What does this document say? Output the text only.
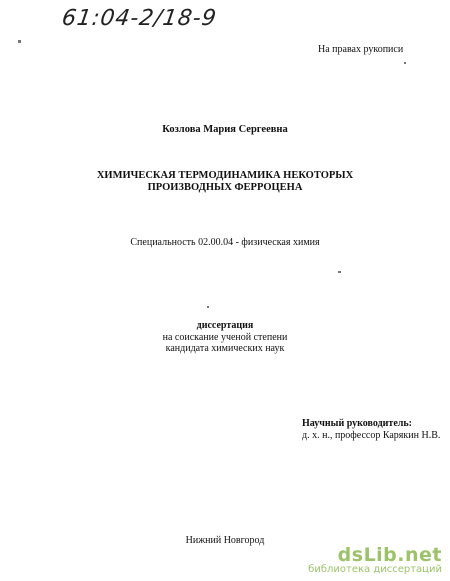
61:04-2/18-9
На правах рукописи
Козлова Мария Сергеевна
ХИМИЧЕСКАЯ ТЕРМОДИНАМИКА НЕКОТОРЫХ
ПРОИЗВОДНЫХ ФЕРРОЦЕНА
Специальность 02.00.04 - физическая химия
диссертация
на соискание ученой степени
кандидата химических наук
Научный руководитель:
д. х. н., профессор Карякин Н.В.
Нижний Новгород
dsLib.net
библиотека диссертаций
